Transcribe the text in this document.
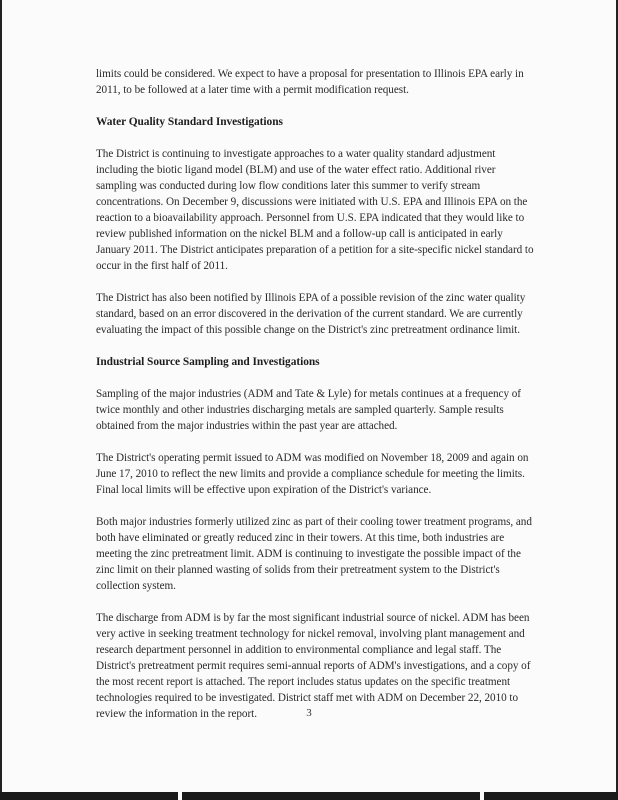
limits could be considered. We expect to have a proposal for presentation to Illinois EPA early in 2011, to be followed at a later time with a permit modification request.

Water Quality Standard Investigations

The District is continuing to investigate approaches to a water quality standard adjustment including the biotic ligand model (BLM) and use of the water effect ratio. Additional river sampling was conducted during low flow conditions later this summer to verify stream concentrations. On December 9, discussions were initiated with U.S. EPA and Illinois EPA on the reaction to a bioavailability approach. Personnel from U.S. EPA indicated that they would like to review published information on the nickel BLM and a follow-up call is anticipated in early January 2011. The District anticipates preparation of a petition for a site-specific nickel standard to occur in the first half of 2011.

The District has also been notified by Illinois EPA of a possible revision of the zinc water quality standard, based on an error discovered in the derivation of the current standard. We are currently evaluating the impact of this possible change on the District's zinc pretreatment ordinance limit.

Industrial Source Sampling and Investigations

Sampling of the major industries (ADM and Tate & Lyle) for metals continues at a frequency of twice monthly and other industries discharging metals are sampled quarterly. Sample results obtained from the major industries within the past year are attached.

The District's operating permit issued to ADM was modified on November 18, 2009 and again on June 17, 2010 to reflect the new limits and provide a compliance schedule for meeting the limits. Final local limits will be effective upon expiration of the District's variance.

Both major industries formerly utilized zinc as part of their cooling tower treatment programs, and both have eliminated or greatly reduced zinc in their towers. At this time, both industries are meeting the zinc pretreatment limit. ADM is continuing to investigate the possible impact of the zinc limit on their planned wasting of solids from their pretreatment system to the District's collection system.

The discharge from ADM is by far the most significant industrial source of nickel. ADM has been very active in seeking treatment technology for nickel removal, involving plant management and research department personnel in addition to environmental compliance and legal staff. The District's pretreatment permit requires semi-annual reports of ADM's investigations, and a copy of the most recent report is attached. The report includes status updates on the specific treatment technologies required to be investigated. District staff met with ADM on December 22, 2010 to review the information in the report.	3
